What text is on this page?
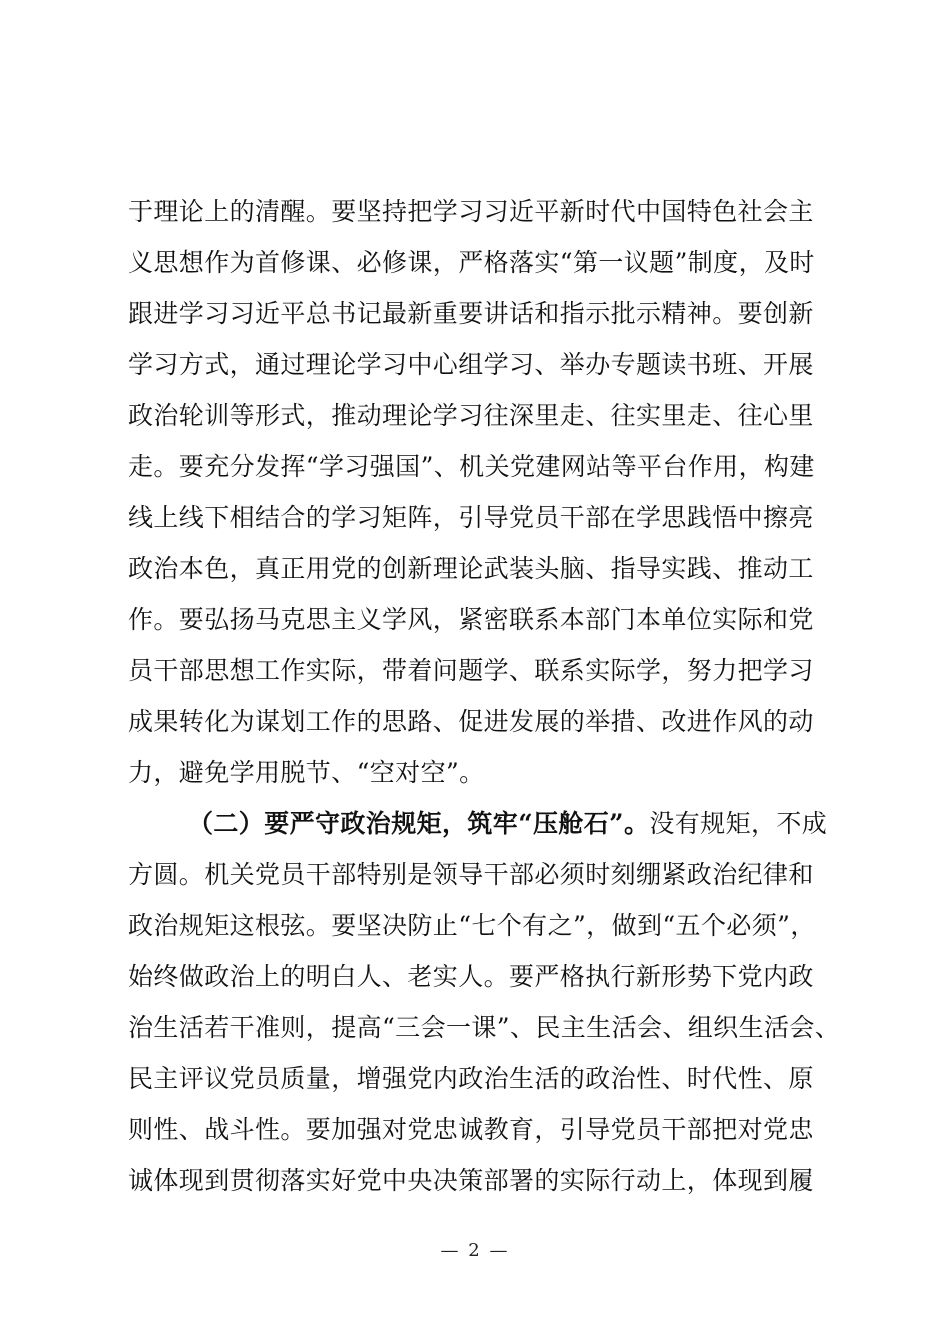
于理论上的清醒。要坚持把学习习近平新时代中国特色社会主
义思想作为首修课、必修课，严格落实“第一议题”制度，及时
跟进学习习近平总书记最新重要讲话和指示批示精神。要创新
学习方式，通过理论学习中心组学习、举办专题读书班、开展
政治轮训等形式，推动理论学习往深里走、往实里走、往心里
走。要充分发挥“学习强国”、机关党建网站等平台作用，构建
线上线下相结合的学习矩阵，引导党员干部在学思践悟中擦亮
政治本色，真正用党的创新理论武装头脑、指导实践、推动工
作。要弘扬马克思主义学风，紧密联系本部门本单位实际和党
员干部思想工作实际，带着问题学、联系实际学，努力把学习
成果转化为谋划工作的思路、促进发展的举措、改进作风的动
力，避免学用脱节、“空对空”。
（二）要严守政治规矩，筑牢“压舱石”。没有规矩，不成
方圆。机关党员干部特别是领导干部必须时刻绷紧政治纪律和
政治规矩这根弦。要坚决防止“七个有之”，做到“五个必须”，
始终做政治上的明白人、老实人。要严格执行新形势下党内政
治生活若干准则，提高“三会一课”、民主生活会、组织生活会、
民主评议党员质量，增强党内政治生活的政治性、时代性、原
则性、战斗性。要加强对党忠诚教育，引导党员干部把对党忠
诚体现到贯彻落实好党中央决策部署的实际行动上，体现到履
— 2 —
